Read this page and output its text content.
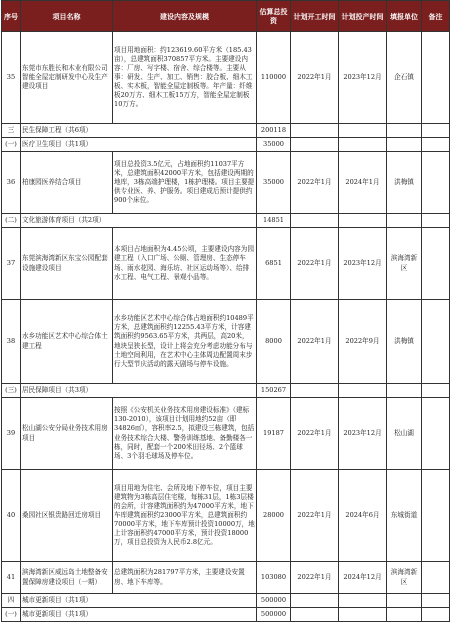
序号	项目名称	建设内容及规模	估算总投资	计划开工时间	计划投产时间	填报单位	备注
35	东莞市东胜长和木业有限公司智能全屋定制研发中心及生产建设项目	项目用地面积：约123619.60平方米（185.43亩），总建筑面积370857平方米。主要建设内容：厂房、写字楼、宿舍、综合楼等。主要从事：研发、生产、加工、销售：胶合板、细木工板、实木板，智能全屋定制板等。年产量：纤维板20万方、细木工板15万方，智能全屋定制板10万方。	110000	2022年1月	2023年12月	企石镇	
三	民生保障工程（共6项）		200118				
(一)	医疗卫生项目（共1项）		35000				
36	柏康园医养结合项目	项目总投资3.5亿元，占地面积约11037平方米，总建筑面积42000平方米，包括建设两期的地库，3栋高端护理楼，1栋护理楼。项目主要提供专业医、养、护服务。项目建成后预计提供约900个床位。	35000	2022年1月	2024年1月	洪梅镇	
(二)	文化旅游体育项目（共2项）		14851				
37	东莞滨海湾新区东宝公园配套设施建设项目	本项目占地面积为4.45公顷，主要建设内容为园建工程（入口广场、公厕、管理房、生态停车场、雨水花园、海乐坊、社区运动场等）、给排水工程、电气工程、景观小品等。	6851	2022年1月	2023年12月	滨海湾新区	
38	水乡功能区艺术中心综合体土建工程	水乡功能区艺术中心综合体占地面积约10489平方米，总建筑面积约12255.43平方米，计容建筑面积约9563.65平方米，共两层，高20米，地块呈狭长型，设计上将会充分考虑功能分布与土地空间利用，在艺术中心主体周边配置周末步行大型节庆活动的露天剧场与停车设施。	8000	2022年1月	2022年9月	洪梅镇	
(三)	居民保障项目（共3项）		150267				
39	松山湖公安分局业务技术用房项目	按照《公安机关业务技术用房建设标准》（建标130-2010），该项目计划用地约52亩（即34826㎡），容积率2.5，拟建设三栋建筑，包括业务技术综合大楼、警务训练基地、备勤楼各一栋，同时，配套一个200米田径场、2个篮球场、3个羽毛球场及停车位。	19187	2022年1月	2023年12月	松山湖	
40	桑园社区银贵路回迁房项目	项目用地为住宅、会所及地下停车位，项目主要建筑物为3栋高层住宅楼，每栋31层，1栋3层楼的会所，计容建筑面积约为47000平方米，地下车库建筑面积约23000平方米，总建筑面积约70000平方米，地下车库预计投资10000万，地上计容面积约47000平方米，预计投资18000万，项目总投资为人民币2.8亿元。	28000	2022年1月	2024年6月	东城街道	
41	滨海湾新区威远岛土地整备安置保障房建设项目（一期）	总建筑面积为281797平方米，主要建设安置房、地下车库等。	103080	2022年1月	2024年12月	滨海湾新区	
四	城市更新项目（共1项）		500000				
(一)	城市更新项目（共1项）		500000				
